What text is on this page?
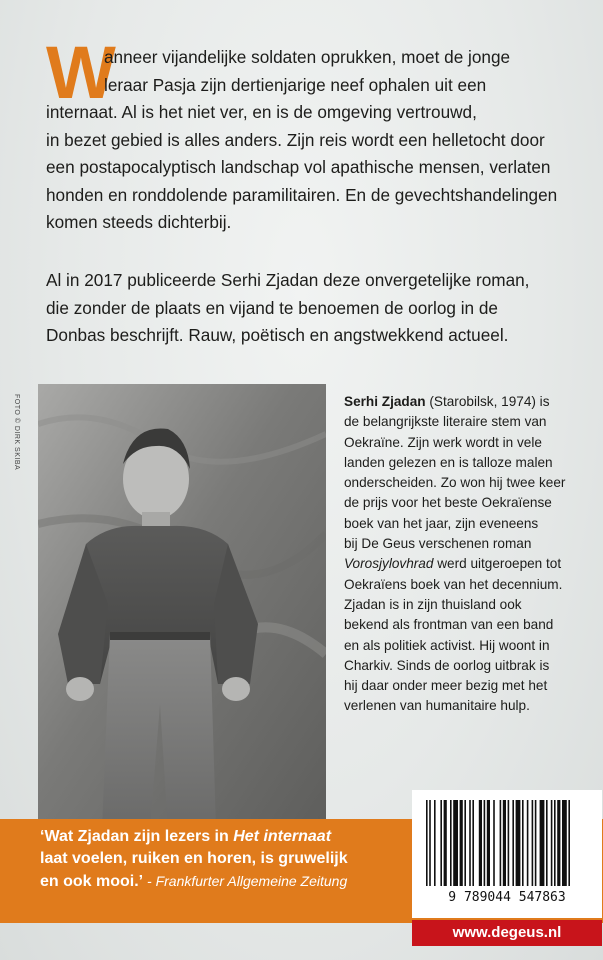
W
anneer vijandelijke soldaten oprukken, moet de jonge
leraar Pasja zijn dertienjarige neef ophalen uit een
internaat. Al is het niet ver, en is de omgeving vertrouwd,
in bezet gebied is alles anders. Zijn reis wordt een helletocht door
een postapocalyptisch landschap vol apathische mensen, verlaten
honden en ronddolende paramilitairen. En de gevechtshandelingen
komen steeds dichterbij.
Al in 2017 publiceerde Serhi Zjadan deze onvergetelijke roman,
die zonder de plaats en vijand te benoemen de oorlog in de
Donbas beschrijft. Rauw, poëtisch en angstwekkend actueel.
FOTO © DIRK SKIBA	Serhi Zjadan (Starobilsk, 1974) is
de belangrijkste literaire stem van
Oekraïne. Zijn werk wordt in vele
landen gelezen en is talloze malen
onderscheiden. Zo won hij twee keer
de prijs voor het beste Oekraïense
boek van het jaar, zijn eveneens
bij De Geus verschenen roman
Vorosjylovhrad werd uitgeroepen tot
Oekraïens boek van het decennium.
Zjadan is in zijn thuisland ook
bekend als frontman van een band
en als politiek activist. Hij woont in
Charkiv. Sinds de oorlog uitbrak is
hij daar onder meer bezig met het
verlenen van humanitaire hulp.
‘Wat Zjadan zijn lezers in Het internaat
laat voelen, ruiken en horen, is gruwelijk
en ook mooi.’ - Frankfurter Allgemeine Zeitung
9 789044 547863
www.degeus.nl
